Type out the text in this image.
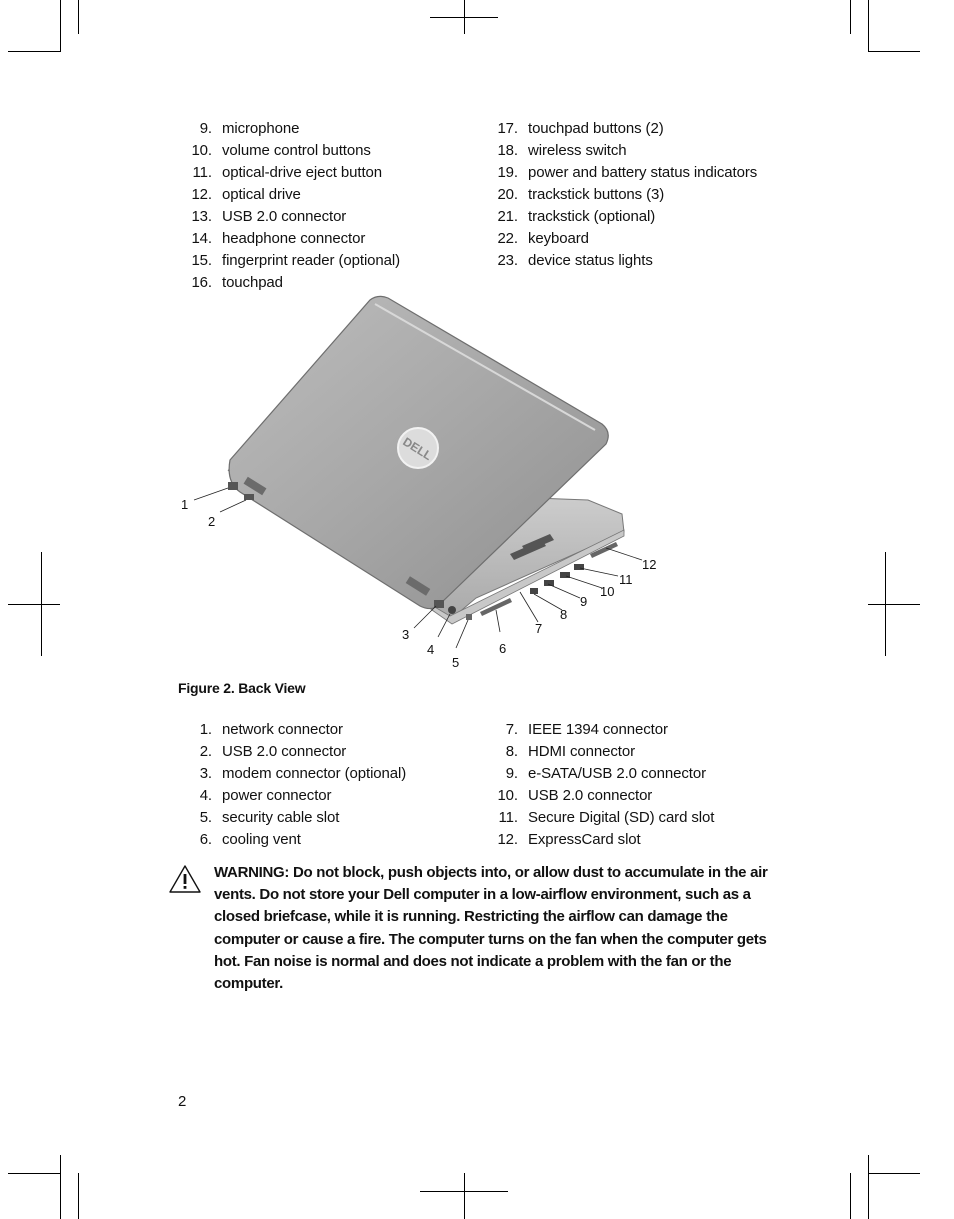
9. microphone
10. volume control buttons
11. optical-drive eject button
12. optical drive
13. USB 2.0 connector
14. headphone connector
15. fingerprint reader (optional)
16. touchpad
17. touchpad buttons (2)
18. wireless switch
19. power and battery status indicators
20. trackstick buttons (3)
21. trackstick (optional)
22. keyboard
23. device status lights
DELL
1
2
3
4
5
6
7
8
9
10
11
12
Figure 2. Back View
1. network connector
2. USB 2.0 connector
3. modem connector (optional)
4. power connector
5. security cable slot
6. cooling vent
7. IEEE 1394 connector
8. HDMI connector
9. e-SATA/USB 2.0 connector
10. USB 2.0 connector
11. Secure Digital (SD) card slot
12. ExpressCard slot
WARNING: Do not block, push objects into, or allow dust to accumulate in the air vents. Do not store your Dell computer in a low-airflow environment, such as a closed briefcase, while it is running. Restricting the airflow can damage the computer or cause a fire. The computer turns on the fan when the computer gets hot. Fan noise is normal and does not indicate a problem with the fan or the computer.
2
